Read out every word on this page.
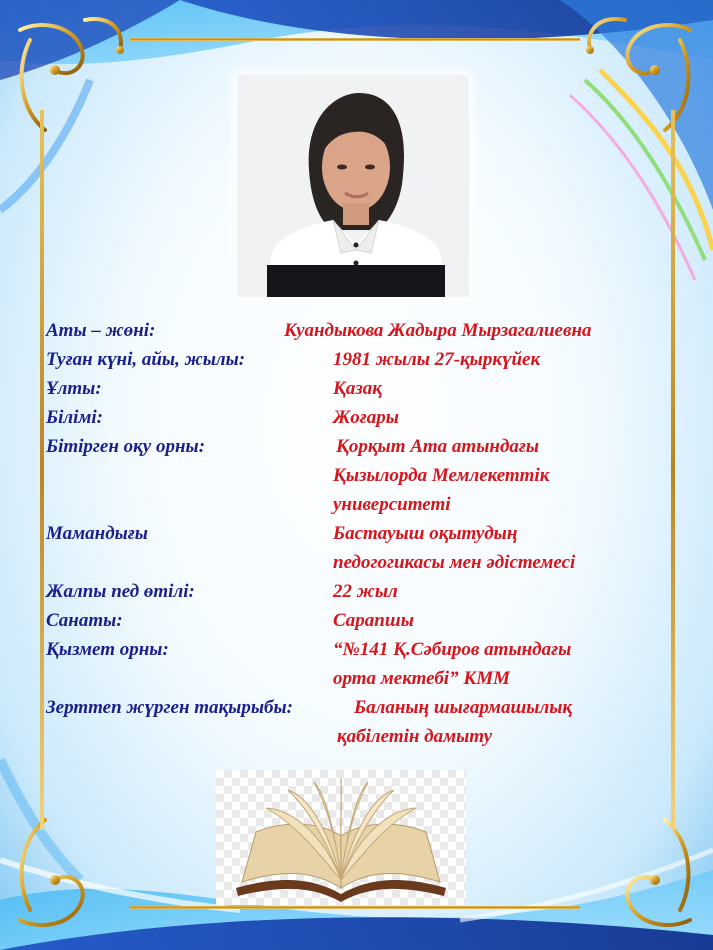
Аты – жөні:	Куандыкова Жадыра Мырзагалиевна
Туған күні, айы, жылы:	1981 жылы 27-қыркүйек
Ұлты:	Қазақ
Білімі:	Жоғары
Бітірген оқу орны:	Қорқыт Ата атындағы
Қызылорда Мемлекеттік
университеті
Мамандығы	Бастауыш оқытудың
педогогикасы мен әдістемесі
Жалпы пед өтілі:	22 жыл
Санаты:	Сарапшы
Қызмет орны:	“№141 Қ.Сәбиров атындағы
орта мектебі” КММ
Зерттеп жүрген тақырыбы:	Баланың шығармашылық
қабілетін дамыту
